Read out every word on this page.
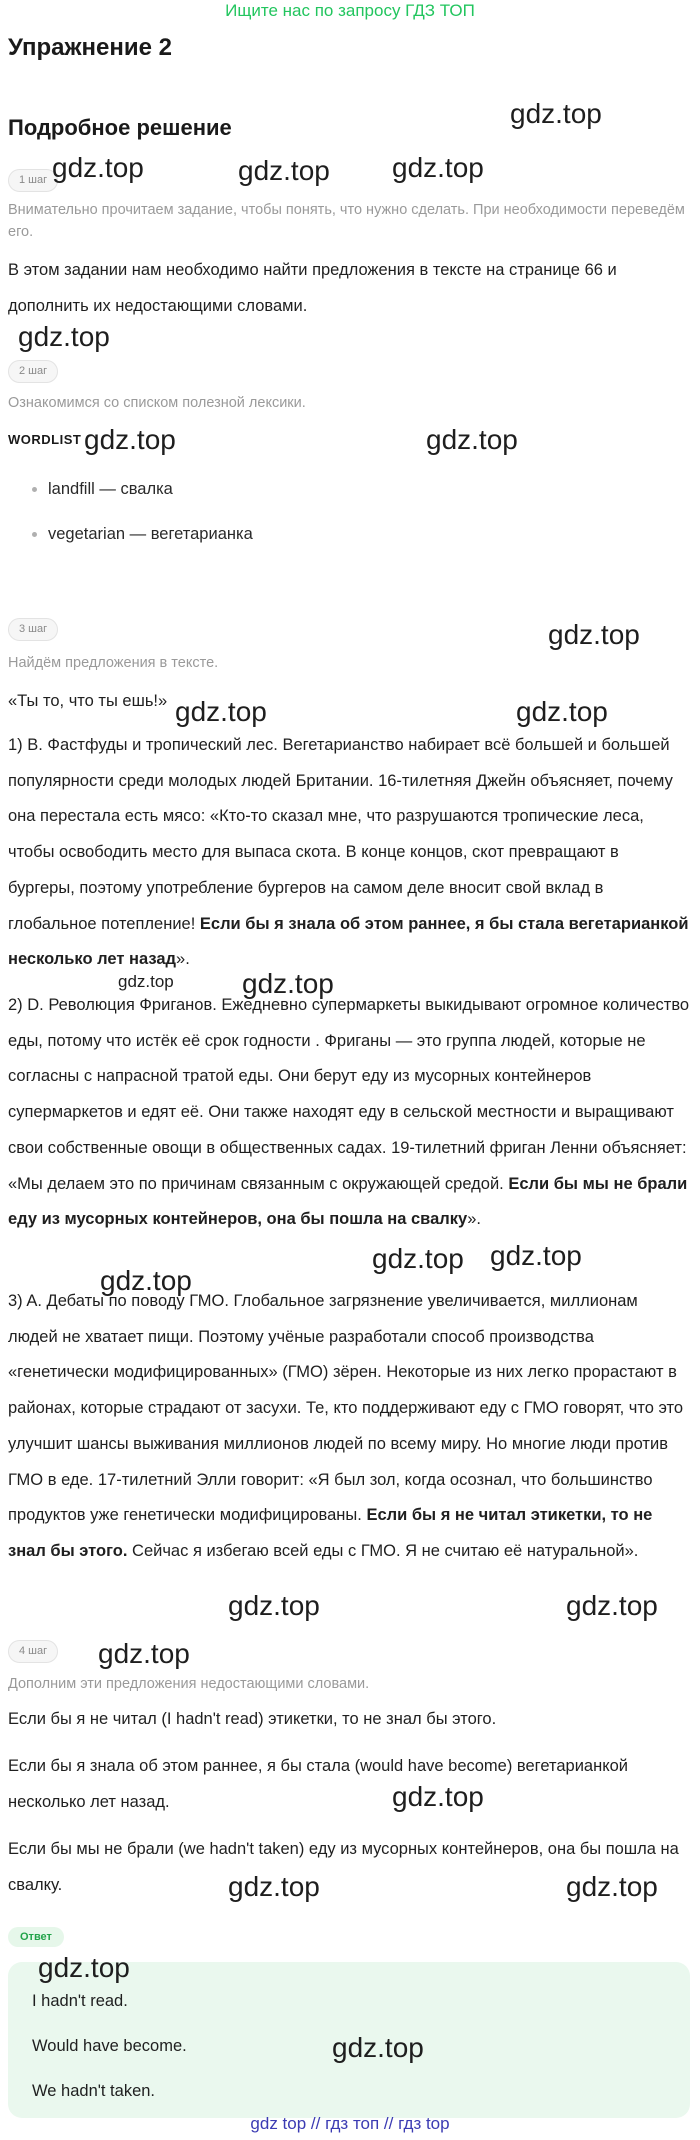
Ищите нас по запросу ГДЗ ТОП
Упражнение 2
Подробное решение
1 шаг
Внимательно прочитаем задание, чтобы понять, что нужно сделать. При необходимости переведём его.
В этом задании нам необходимо найти предложения в тексте на странице 66 и дополнить их недостающими словами.
2 шаг
Ознакомимся со списком полезной лексики.
WORDLIST
• landfill — свалка
• vegetarian — вегетарианка
3 шаг
Найдём предложения в тексте.
«Ты то, что ты ешь!»
1) B. Фастфуды и тропический лес. Вегетарианство набирает всё большей и большей популярности среди молодых людей Британии. 16-тилетняя Джейн объясняет, почему она перестала есть мясо: «Кто-то сказал мне, что разрушаются тропические леса, чтобы освободить место для выпаса скота. В конце концов, скот превращают в бургеры, поэтому употребление бургеров на самом деле вносит свой вклад в глобальное потепление! Если бы я знала об этом раннее, я бы стала вегетарианкой несколько лет назад».
2) D. Революция Фриганов. Ежедневно супермаркеты выкидывают огромное количество еды, потому что истёк её срок годности . Фриганы — это группа людей, которые не согласны с напрасной тратой еды. Они берут еду из мусорных контейнеров супермаркетов и едят её. Они также находят еду в сельской местности и выращивают свои собственные овощи в общественных садах. 19-тилетний фриган Ленни объясняет: «Мы делаем это по причинам связанным с окружающей средой. Если бы мы не брали еду из мусорных контейнеров, она бы пошла на свалку».
3) A. Дебаты по поводу ГМО. Глобальное загрязнение увеличивается, миллионам людей не хватает пищи. Поэтому учёные разработали способ производства «генетически модифицированных» (ГМО) зёрен. Некоторые из них легко прорастают в районах, которые страдают от засухи. Те, кто поддерживают еду с ГМО говорят, что это улучшит шансы выживания миллионов людей по всему миру. Но многие люди против ГМО в еде. 17-тилетний Элли говорит: «Я был зол, когда осознал, что большинство продуктов уже генетически модифицированы. Если бы я не читал этикетки, то не знал бы этого. Сейчас я избегаю всей еды с ГМО. Я не считаю её натуральной».
4 шаг
Дополним эти предложения недостающими словами.
Если бы я не читал (I hadn't read) этикетки, то не знал бы этого.
Если бы я знала об этом раннее, я бы стала (would have become) вегетарианкой несколько лет назад.
Если бы мы не брали (we hadn't taken) еду из мусорных контейнеров, она бы пошла на свалку.
Ответ
I hadn't read.
Would have become.
We hadn't taken.
gdz.top
gdz.top	gdz.top gdz.top
gdz.top
gdz.top	gdz.top
gdz.top
gdz.top	gdz.top
gdz.top gdz.top
gdz.top gdz.top
gdz.top
gdz.top	gdz.top
gdz.top
gdz.top
gdz.top	gdz.top
gdz.top
gdz.top
gdz top // гдз топ // гдз top
